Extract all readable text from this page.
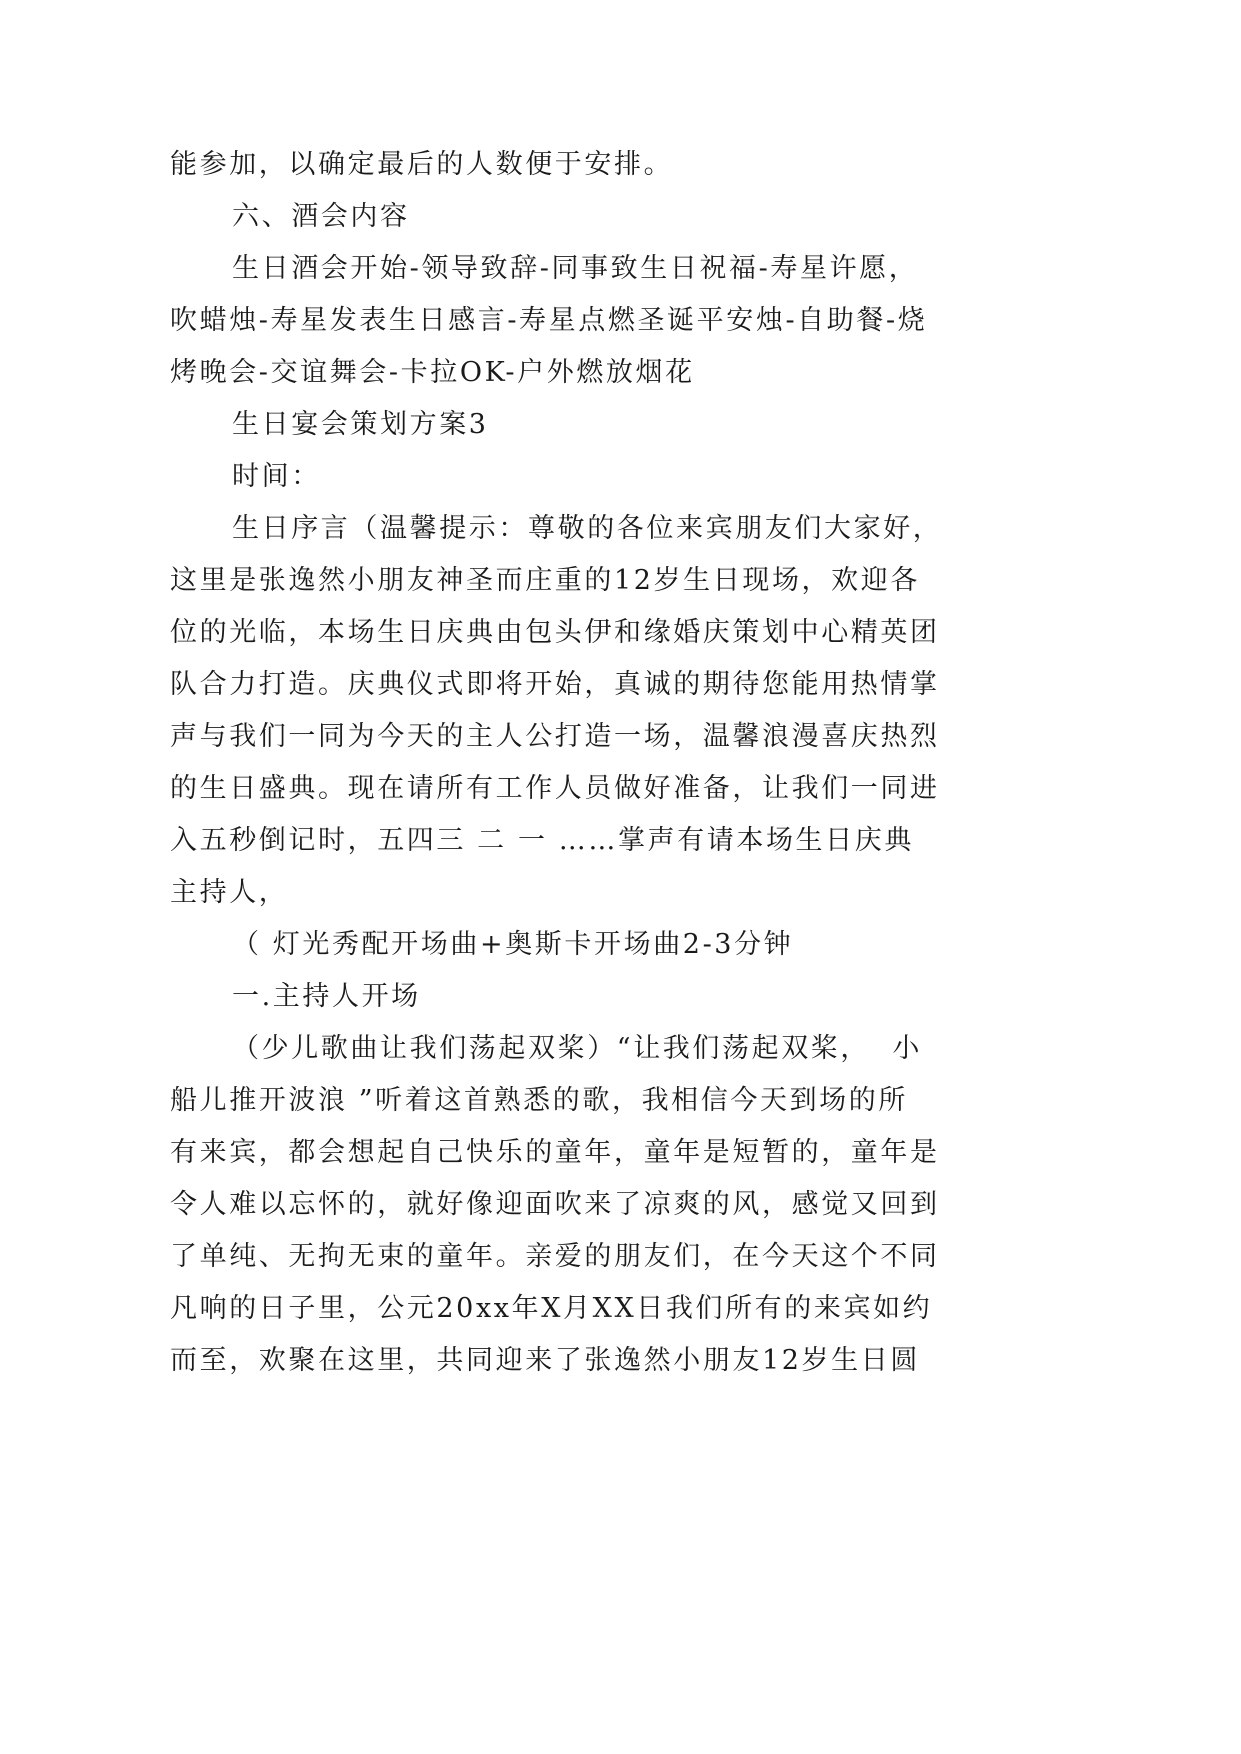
能参加，以确定最后的人数便于安排。
六、酒会内容
生日酒会开始-领导致辞-同事致生日祝福-寿星许愿，
吹蜡烛-寿星发表生日感言-寿星点燃圣诞平安烛-自助餐-烧
烤晚会-交谊舞会-卡拉OK-户外燃放烟花
生日宴会策划方案3
时间：
生日序言（温馨提示：尊敬的各位来宾朋友们大家好，
这里是张逸然小朋友神圣而庄重的12岁生日现场，欢迎各
位的光临，本场生日庆典由包头伊和缘婚庆策划中心精英团
队合力打造。庆典仪式即将开始，真诚的期待您能用热情掌
声与我们一同为今天的主人公打造一场，温馨浪漫喜庆热烈
的生日盛典。现在请所有工作人员做好准备，让我们一同进
入五秒倒记时，五四三 二 一 ……掌声有请本场生日庆典
主持人，
（ 灯光秀配开场曲+奥斯卡开场曲2-3分钟
一.主持人开场
（少儿歌曲让我们荡起双桨）“让我们荡起双桨，  小
船儿推开波浪 ”听着这首熟悉的歌，我相信今天到场的所
有来宾，都会想起自己快乐的童年，童年是短暂的，童年是
令人难以忘怀的，就好像迎面吹来了凉爽的风，感觉又回到
了单纯、无拘无束的童年。亲爱的朋友们，在今天这个不同
凡响的日子里，公元20xx年X月XX日我们所有的来宾如约
而至，欢聚在这里，共同迎来了张逸然小朋友12岁生日圆
